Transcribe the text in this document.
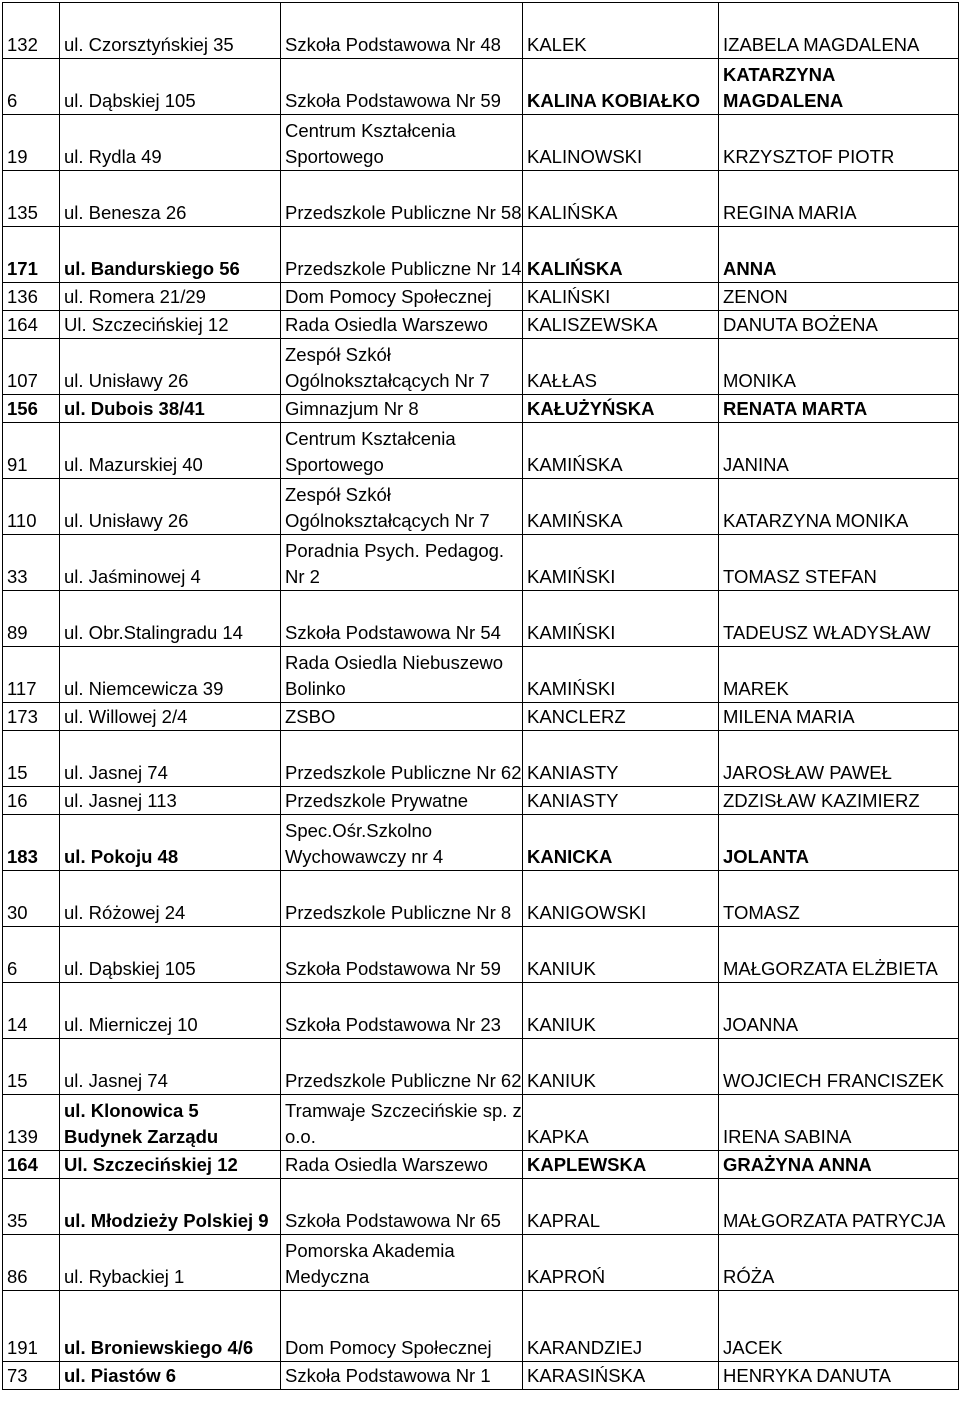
132	ul. Czorsztyńskiej 35	Szkoła Podstawowa Nr 48	KALEK	IZABELA MAGDALENA
6	ul. Dąbskiej 105	Szkoła Podstawowa Nr 59	KALINA KOBIAŁKO	KATARZYNA MAGDALENA
19	ul. Rydla 49	Centrum Kształcenia Sportowego	KALINOWSKI	KRZYSZTOF PIOTR
135	ul. Benesza 26	Przedszkole Publiczne Nr 58	KALIŃSKA	REGINA MARIA
171	ul. Bandurskiego 56	Przedszkole Publiczne Nr 14	KALIŃSKA	ANNA
136	ul. Romera 21/29	Dom Pomocy Społecznej	KALIŃSKI	ZENON
164	Ul. Szczecińskiej 12	Rada Osiedla Warszewo	KALISZEWSKA	DANUTA BOŻENA
107	ul. Unisławy 26	Zespół Szkół Ogólnokształcących Nr 7	KAŁŁAS	MONIKA
156	ul. Dubois 38/41	Gimnazjum Nr 8	KAŁUŻYŃSKA	RENATA MARTA
91	ul. Mazurskiej 40	Centrum Kształcenia Sportowego	KAMIŃSKA	JANINA
110	ul. Unisławy 26	Zespół Szkół Ogólnokształcących Nr 7	KAMIŃSKA	KATARZYNA MONIKA
33	ul. Jaśminowej 4	Poradnia Psych. Pedagog. Nr 2	KAMIŃSKI	TOMASZ STEFAN
89	ul. Obr.Stalingradu 14	Szkoła Podstawowa Nr 54	KAMIŃSKI	TADEUSZ WŁADYSŁAW
117	ul. Niemcewicza 39	Rada Osiedla Niebuszewo Bolinko	KAMIŃSKI	MAREK
173	ul. Willowej 2/4	ZSBO	KANCLERZ	MILENA MARIA
15	ul. Jasnej 74	Przedszkole Publiczne Nr 62	KANIASTY	JAROSŁAW PAWEŁ
16	ul. Jasnej 113	Przedszkole Prywatne	KANIASTY	ZDZISŁAW KAZIMIERZ
183	ul. Pokoju 48	Spec.Ośr.Szkolno Wychowawczy nr 4	KANICKA	JOLANTA
30	ul. Różowej 24	Przedszkole Publiczne Nr 8	KANIGOWSKI	TOMASZ
6	ul. Dąbskiej 105	Szkoła Podstawowa Nr 59	KANIUK	MAŁGORZATA ELŻBIETA
14	ul. Mierniczej 10	Szkoła Podstawowa Nr 23	KANIUK	JOANNA
15	ul. Jasnej 74	Przedszkole Publiczne Nr 62	KANIUK	WOJCIECH FRANCISZEK
139	ul. Klonowica 5 Budynek Zarządu	Tramwaje Szczecińskie sp. z o.o.	KAPKA	IRENA SABINA
164	Ul. Szczecińskiej 12	Rada Osiedla Warszewo	KAPLEWSKA	GRAŻYNA ANNA
35	ul. Młodzieży Polskiej 9	Szkoła Podstawowa Nr 65	KAPRAL	MAŁGORZATA PATRYCJA
86	ul. Rybackiej 1	Pomorska Akademia Medyczna	KAPROŃ	RÓŻA
191	ul. Broniewskiego 4/6	Dom Pomocy Społecznej	KARANDZIEJ	JACEK
73	ul. Piastów 6	Szkoła Podstawowa Nr 1	KARASIŃSKA	HENRYKA DANUTA
